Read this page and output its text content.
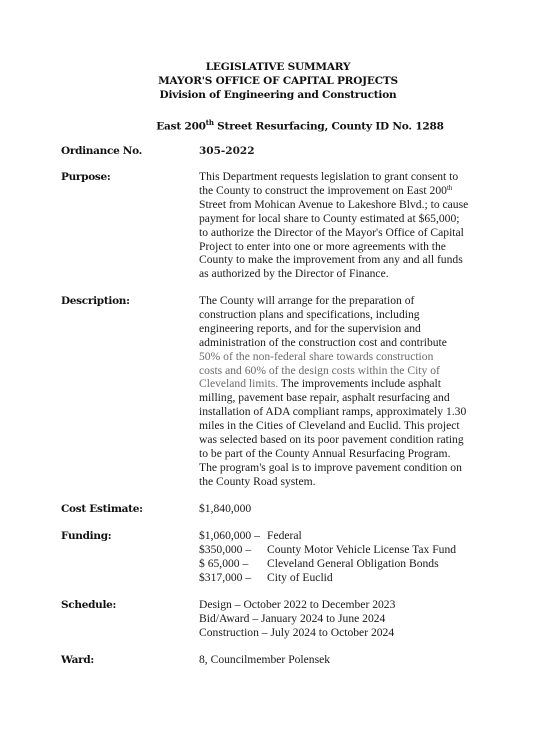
LEGISLATIVE SUMMARY
MAYOR'S OFFICE OF CAPITAL PROJECTS
Division of Engineering and Construction
East 200th Street Resurfacing, County ID No. 1288
Ordinance No.	305-2022
Purpose:	This Department requests legislation to grant consent to
the County to construct the improvement on East 200th
Street from Mohican Avenue to Lakeshore Blvd.; to cause
payment for local share to County estimated at $65,000;
to authorize the Director of the Mayor's Office of Capital
Project to enter into one or more agreements with the
County to make the improvement from any and all funds
as authorized by the Director of Finance.
Description:	The County will arrange for the preparation of
construction plans and specifications, including
engineering reports, and for the supervision and
administration of the construction cost and contribute
50% of the non-federal share towards construction
costs and 60% of the design costs within the City of
Cleveland limits. The improvements include asphalt
milling, pavement base repair, asphalt resurfacing and
installation of ADA compliant ramps, approximately 1.30
miles in the Cities of Cleveland and Euclid. This project
was selected based on its poor pavement condition rating
to be part of the County Annual Resurfacing Program.
The program's goal is to improve pavement condition on
the County Road system.
Cost Estimate:	$1,840,000
Funding:	$1,060,000 – Federal
$350,000 – County Motor Vehicle License Tax Fund
$ 65,000 – Cleveland General Obligation Bonds
$317,000 – City of Euclid
Schedule:	Design – October 2022 to December 2023
Bid/Award – January 2024 to June 2024
Construction – July 2024 to October 2024
Ward:	8, Councilmember Polensek
